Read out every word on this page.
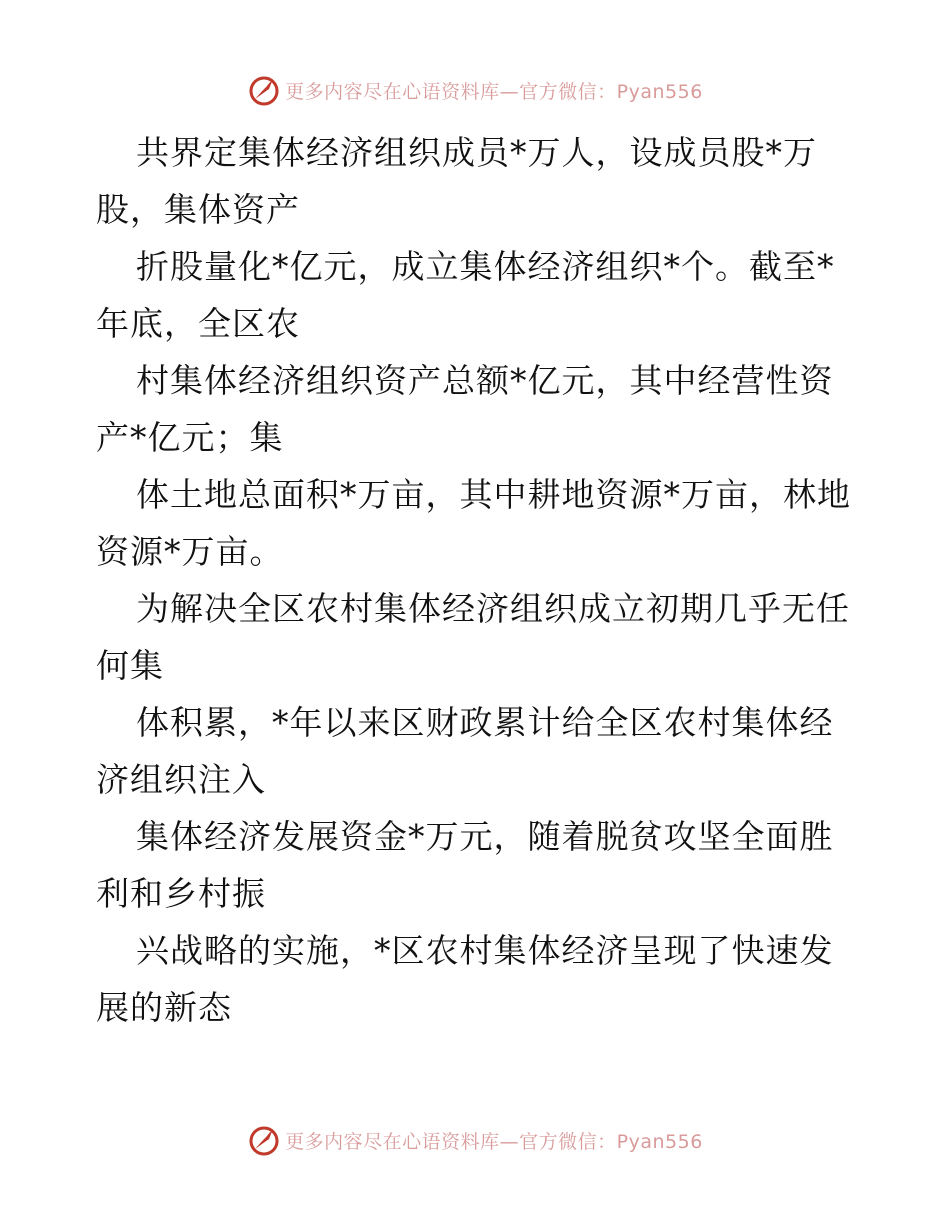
更多内容尽在心语资料库—官方微信：Pyan556

共界定集体经济组织成员*万人，设成员股*万
股，集体资产

折股量化*亿元，成立集体经济组织*个。截至*
年底，全区农

村集体经济组织资产总额*亿元，其中经营性资
产*亿元；集

体土地总面积*万亩，其中耕地资源*万亩，林地
资源*万亩。

为解决全区农村集体经济组织成立初期几乎无任
何集

体积累，*年以来区财政累计给全区农村集体经
济组织注入

集体经济发展资金*万元，随着脱贫攻坚全面胜
利和乡村振

兴战略的实施，*区农村集体经济呈现了快速发
展的新态

更多内容尽在心语资料库—官方微信：Pyan556
